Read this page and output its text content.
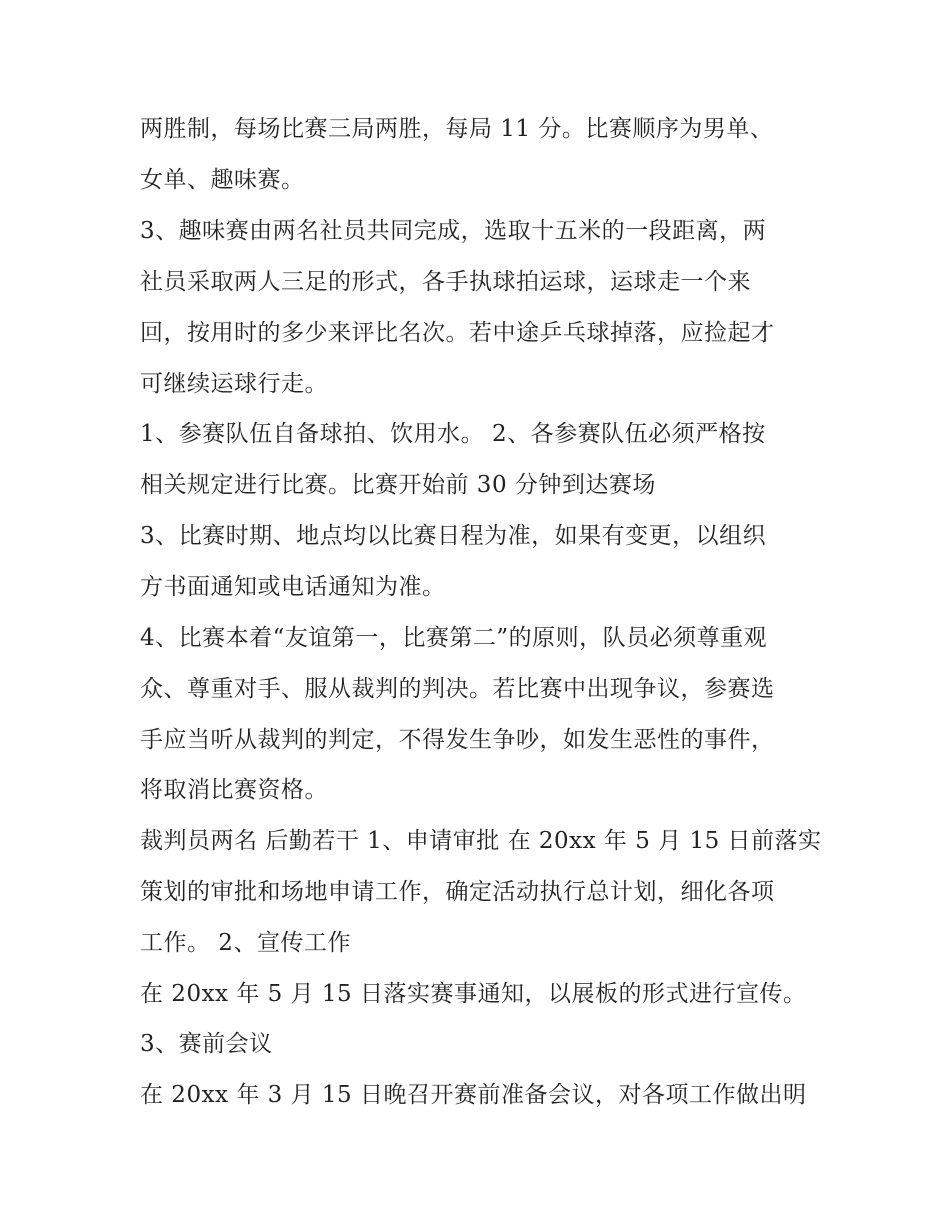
两胜制，每场比赛三局两胜，每局 11 分。比赛顺序为男单、
女单、趣味赛。
3、趣味赛由两名社员共同完成，选取十五米的一段距离，两
社员采取两人三足的形式，各手执球拍运球，运球走一个来
回，按用时的多少来评比名次。若中途乒乓球掉落，应捡起才
可继续运球行走。
1、参赛队伍自备球拍、饮用水。 2、各参赛队伍必须严格按
相关规定进行比赛。比赛开始前 30 分钟到达赛场
3、比赛时期、地点均以比赛日程为准，如果有变更，以组织
方书面通知或电话通知为准。
4、比赛本着“友谊第一，比赛第二”的原则，队员必须尊重观
众、尊重对手、服从裁判的判决。若比赛中出现争议，参赛选
手应当听从裁判的判定，不得发生争吵，如发生恶性的事件，
将取消比赛资格。
裁判员两名 后勤若干 1、申请审批 在 20xx 年 5 月 15 日前落实
策划的审批和场地申请工作，确定活动执行总计划，细化各项
工作。 2、宣传工作
在 20xx 年 5 月 15 日落实赛事通知，以展板的形式进行宣传。
3、赛前会议
在 20xx 年 3 月 15 日晚召开赛前准备会议，对各项工作做出明
